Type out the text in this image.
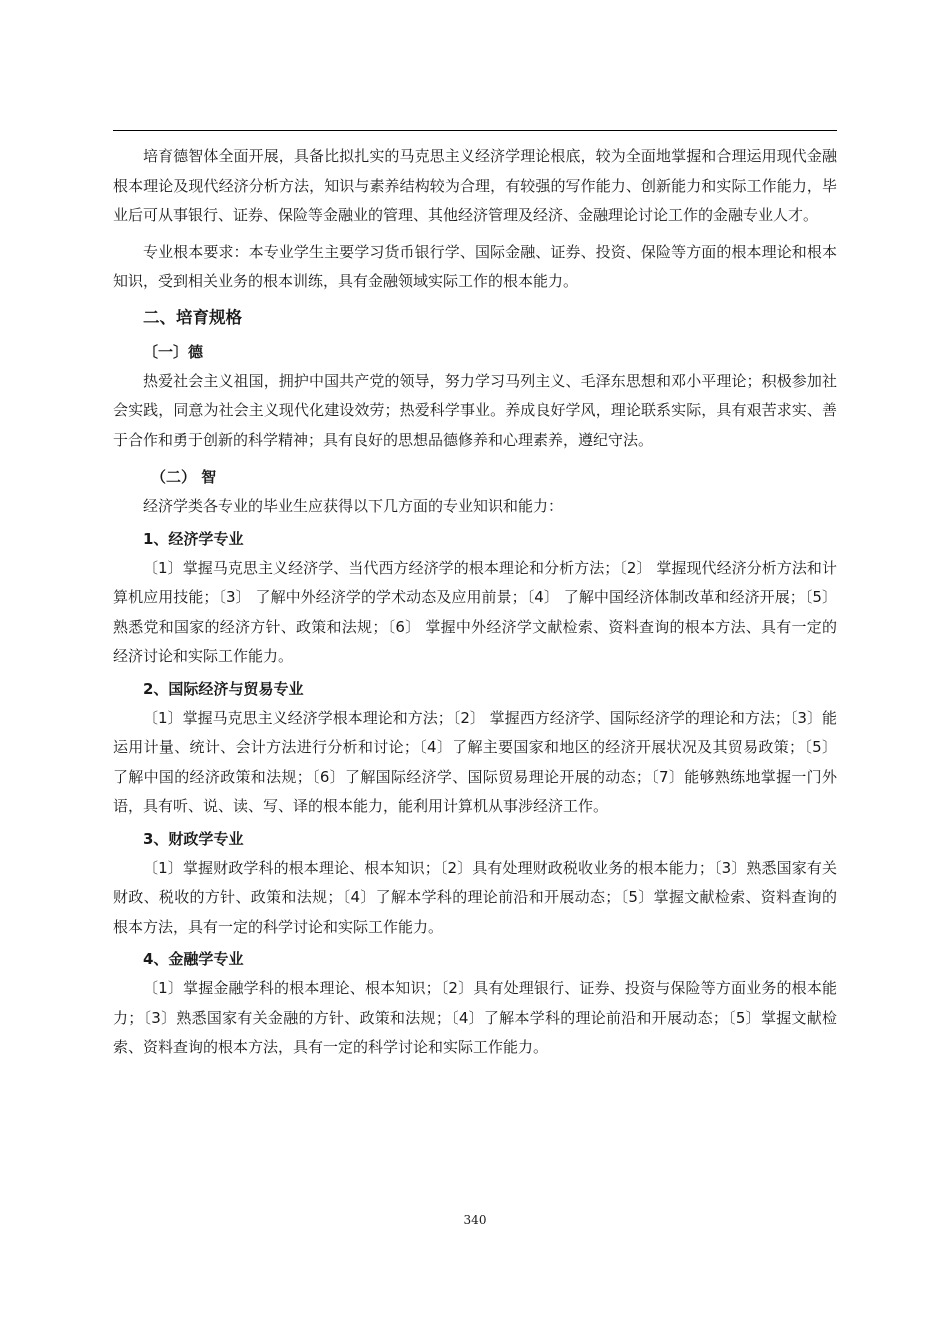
培育德智体全面开展，具备比拟扎实的马克思主义经济学理论根底，较为全面地掌握和合理运用现代金融根本理论及现代经济分析方法，知识与素养结构较为合理，有较强的写作能力、创新能力和实际工作能力，毕业后可从事银行、证券、保险等金融业的管理、其他经济管理及经济、金融理论讨论工作的金融专业人才。

专业根本要求：本专业学生主要学习货币银行学、国际金融、证券、投资、保险等方面的根本理论和根本知识，受到相关业务的根本训练，具有金融领域实际工作的根本能力。

二、培育规格
〔一〕德

热爱社会主义祖国，拥护中国共产党的领导，努力学习马列主义、毛泽东思想和邓小平理论；积极参加社会实践，同意为社会主义现代化建设效劳；热爱科学事业。养成良好学风，理论联系实际，具有艰苦求实、善于合作和勇于创新的科学精神；具有良好的思想品德修养和心理素养，遵纪守法。

（二） 智

经济学类各专业的毕业生应获得以下几方面的专业知识和能力：

1、经济学专业

〔1〕掌握马克思主义经济学、当代西方经济学的根本理论和分析方法；〔2〕 掌握现代经济分析方法和计算机应用技能；〔3〕 了解中外经济学的学术动态及应用前景；〔4〕 了解中国经济体制改革和经济开展；〔5〕 熟悉党和国家的经济方针、政策和法规；〔6〕 掌握中外经济学文献检索、资料查询的根本方法、具有一定的经济讨论和实际工作能力。

2、国际经济与贸易专业

〔1〕掌握马克思主义经济学根本理论和方法；〔2〕 掌握西方经济学、国际经济学的理论和方法；〔3〕能运用计量、统计、会计方法进行分析和讨论；〔4〕了解主要国家和地区的经济开展状况及其贸易政策；〔5〕了解中国的经济政策和法规；〔6〕了解国际经济学、国际贸易理论开展的动态；〔7〕能够熟练地掌握一门外语，具有听、说、读、写、译的根本能力，能利用计算机从事涉经济工作。

3、财政学专业

〔1〕掌握财政学科的根本理论、根本知识；〔2〕具有处理财政税收业务的根本能力；〔3〕熟悉国家有关财政、税收的方针、政策和法规；〔4〕了解本学科的理论前沿和开展动态；〔5〕掌握文献检索、资料查询的根本方法，具有一定的科学讨论和实际工作能力。

4、金融学专业

〔1〕掌握金融学科的根本理论、根本知识；〔2〕具有处理银行、证券、投资与保险等方面业务的根本能力；〔3〕熟悉国家有关金融的方针、政策和法规；〔4〕了解本学科的理论前沿和开展动态；〔5〕掌握文献检索、资料查询的根本方法，具有一定的科学讨论和实际工作能力。

340
